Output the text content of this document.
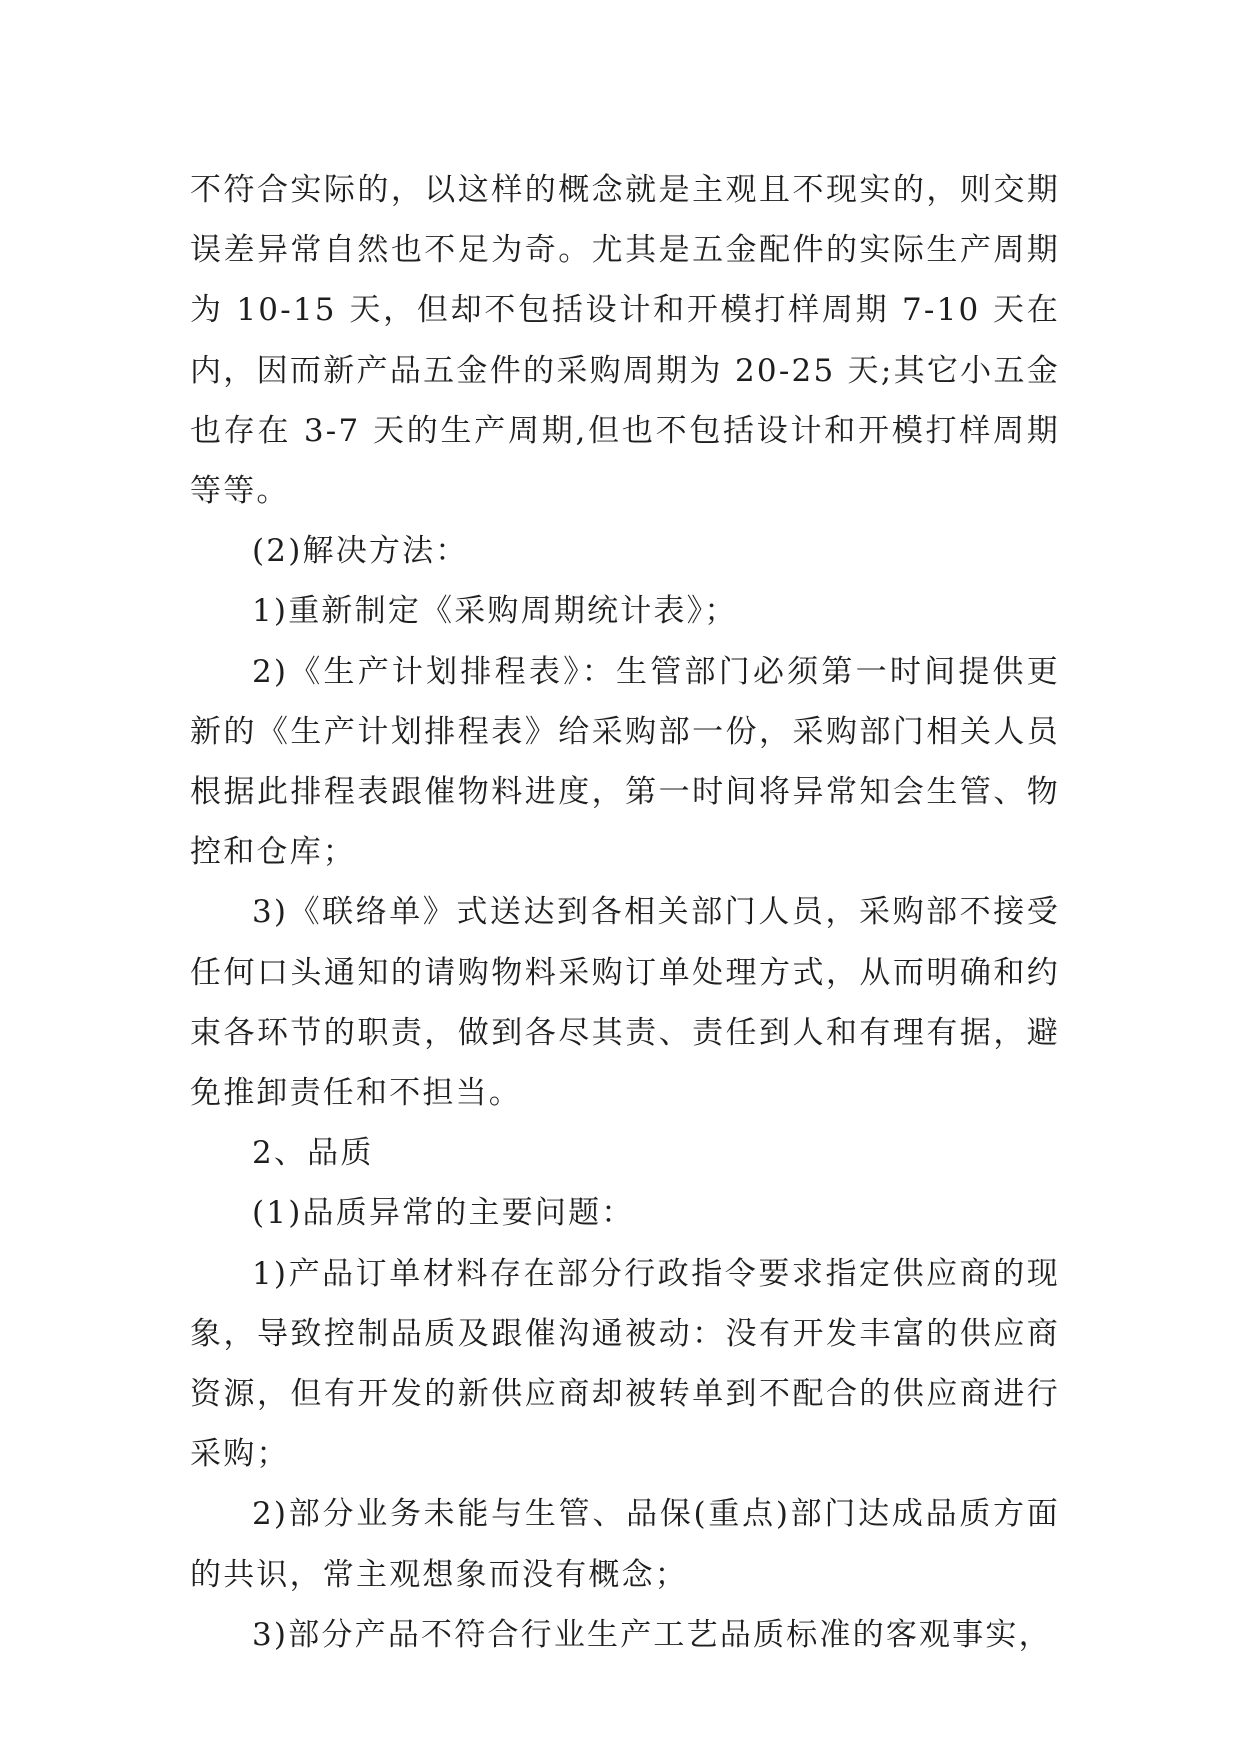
不符合实际的，以这样的概念就是主观且不现实的，则交期误差异常自然也不足为奇。尤其是五金配件的实际生产周期为 10-15 天，但却不包括设计和开模打样周期 7-10 天在内，因而新产品五金件的采购周期为 20-25 天;其它小五金也存在 3-7 天的生产周期,但也不包括设计和开模打样周期等等。

(2)解决方法：

1)重新制定《采购周期统计表》；

2)《生产计划排程表》：生管部门必须第一时间提供更新的《生产计划排程表》给采购部一份，采购部门相关人员根据此排程表跟催物料进度，第一时间将异常知会生管、物控和仓库；

3)《联络单》式送达到各相关部门人员，采购部不接受任何口头通知的请购物料采购订单处理方式，从而明确和约束各环节的职责，做到各尽其责、责任到人和有理有据，避免推卸责任和不担当。

2、品质

(1)品质异常的主要问题：

1)产品订单材料存在部分行政指令要求指定供应商的现象，导致控制品质及跟催沟通被动：没有开发丰富的供应商资源，但有开发的新供应商却被转单到不配合的供应商进行采购；

2)部分业务未能与生管、品保(重点)部门达成品质方面的共识，常主观想象而没有概念；

3)部分产品不符合行业生产工艺品质标准的客观事实，
